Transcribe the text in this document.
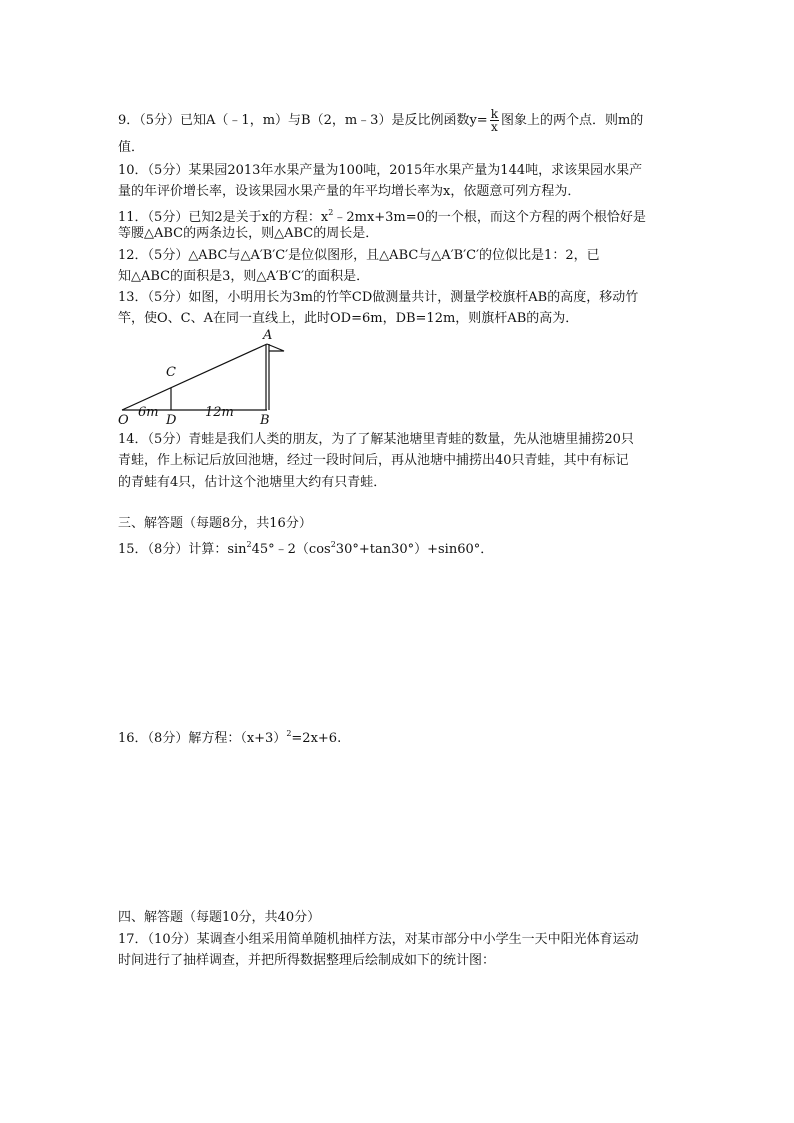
9．（5分）已知A（﹣1，m）与B（2，m﹣3）是反比例函数$y= \frac{k}{x}$ 图象上的两个点．则m的
值．
10．（5分）某果园2013年水果产量为100吨，2015年水果产量为144吨，求该果园水果产
量的年评价增长率，设该果园水果产量的年平均增长率为x，依题意可列方程为．
11．（5分）已知2是关于x的方程：$x^2﹣2mx+3m=0$的一个根，而这个方程的两个根恰好是
等腰△ABC的两条边长，则△ABC的周长是．
12．（5分）△ABC与△A′B′C′是位似图形，且△ABC与△A′B′C′的位似比是1：2，已
知△ABC的面积是3，则△A′B′C′的面积是．
13．（5分）如图，小明用长为3m的竹竿CD做测量共计，测量学校旗杆AB的高度，移动竹
竿，使O、C、A在同一直线上，此时OD=6m，DB=12m，则旗杆AB的高为．
A
C
O	D	B
6m	12m
14．（5分）青蛙是我们人类的朋友，为了了解某池塘里青蛙的数量，先从池塘里捕捞20只
青蛙，作上标记后放回池塘，经过一段时间后，再从池塘中捕捞出40只青蛙，其中有标记
的青蛙有4只，估计这个池塘里大约有只青蛙．
三、解答题（每题8分，共16分）
15．（8分）计算：$\sin^245^\circ﹣2(\cos^230^\circ+\tan 30^\circ)+\sin 60^\circ$．
16．（8分）解方程：$(x+3)^2=2x+6$.
四、解答题（每题10分，共40分）
17．（10分）某调查小组采用简单随机抽样方法，对某市部分中小学生一天中阳光体育运动
时间进行了抽样调查，并把所得数据整理后绘制成如下的统计图：
